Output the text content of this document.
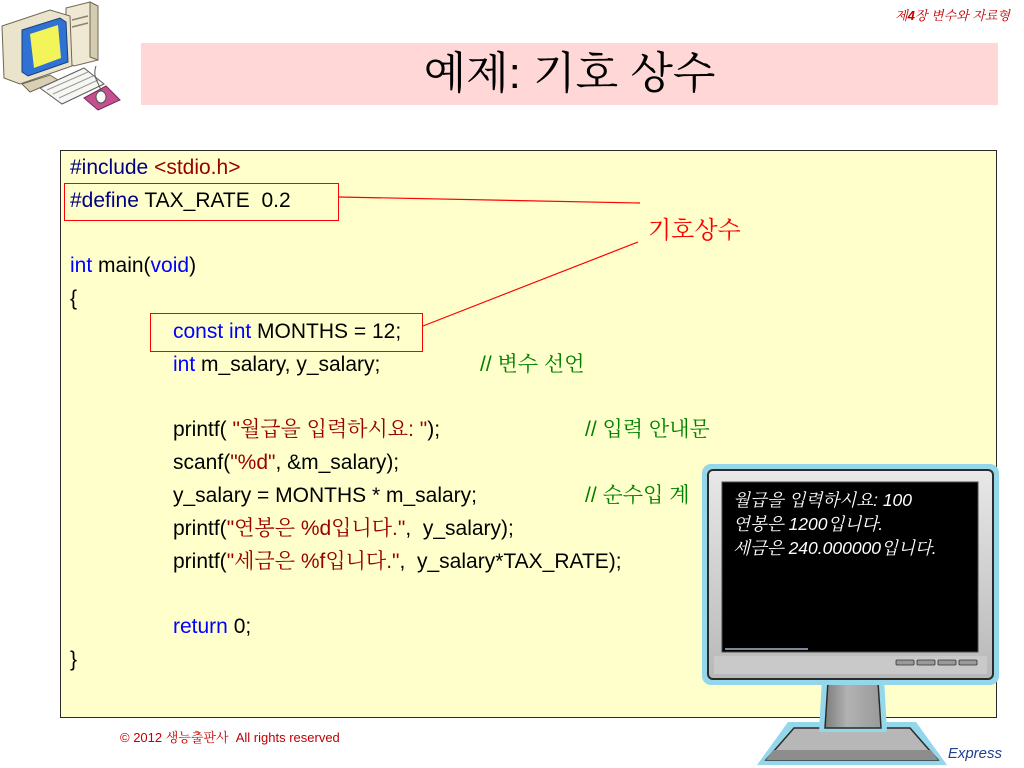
제4장 변수와 자료형
예제: 기호 상수
#include <stdio.h>
#define TAX_RATE  0.2
int main(void)
{
const int MONTHS = 12;
int m_salary, y_salary;	// 변수 선언
printf( "월급을 입력하시요: ");	// 입력 안내문
scanf("%d", &m_salary);
y_salary = MONTHS * m_salary;	// 순수입 계
printf("연봉은 %d입니다.",  y_salary);
printf("세금은 %f입니다.",  y_salary*TAX_RATE);
return 0;
}
기호상수
월급을 입력하시요: 100
연봉은 1200입니다.
세금은 240.000000입니다.
© 2012 생능출판사  All rights reserved
Express
